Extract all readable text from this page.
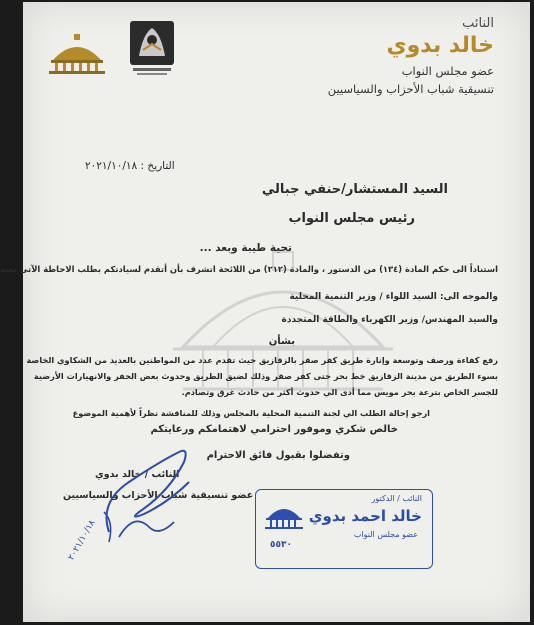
النائب
خالد بدوي
عضو مجلس النواب
تنسيقية شباب الأحزاب والسياسيين
التاريخ : ٢٠٢١/١٠/١٨
السيد المستشار/حنفي جبالي
رئيس مجلس النواب
تحية طيبة وبعد ...
استناداً الى حكم المادة (١٣٤) من الدستور ، والمادة (٢١٢) من اللائحة اتشرف بأن أتقدم لسيادتكم بطلب الاحاطة الآتى نصه
والموجه الى: السيد اللواء / وزير التنمية المحلية
والسيد المهندس/ وزير الكهرباء والطاقة المتجددة
بشأن
رفع كفاءة ورصف وتوسعة وإنارة طريق كفر صقر بالزقازيق حيث تقدم عدد من المواطنين بالعديد من الشكاوي الخاصة
بسوء الطريق من مدينة الزقازيق خط بحر حتى كفر صقر وذلك لضيق الطريق وحدوث بعض الحفر والانهيارات الأرضية
للجسر الخاص بترعة بحر مويس مما أدى الي حدوث أكثر من حادث غرق وتصادم.
ارجو إحالة الطلب الي لجنة التنمية المحلية بالمجلس وذلك للمناقشة نظراً لأهمية الموضوع
خالص شكري وموفور احترامي لاهتمامكم ورعايتكم
وتفضلوا بقبول فائق الاحترام
النائب / خالد بدوي
عضو تنسيقية شباب الأحزاب والسياسيين
٢٠٢١/١٠/١٨
النائب / الدكتور
خالد احمد بدوي
عضو مجلس النواب
٥٥٣٠
